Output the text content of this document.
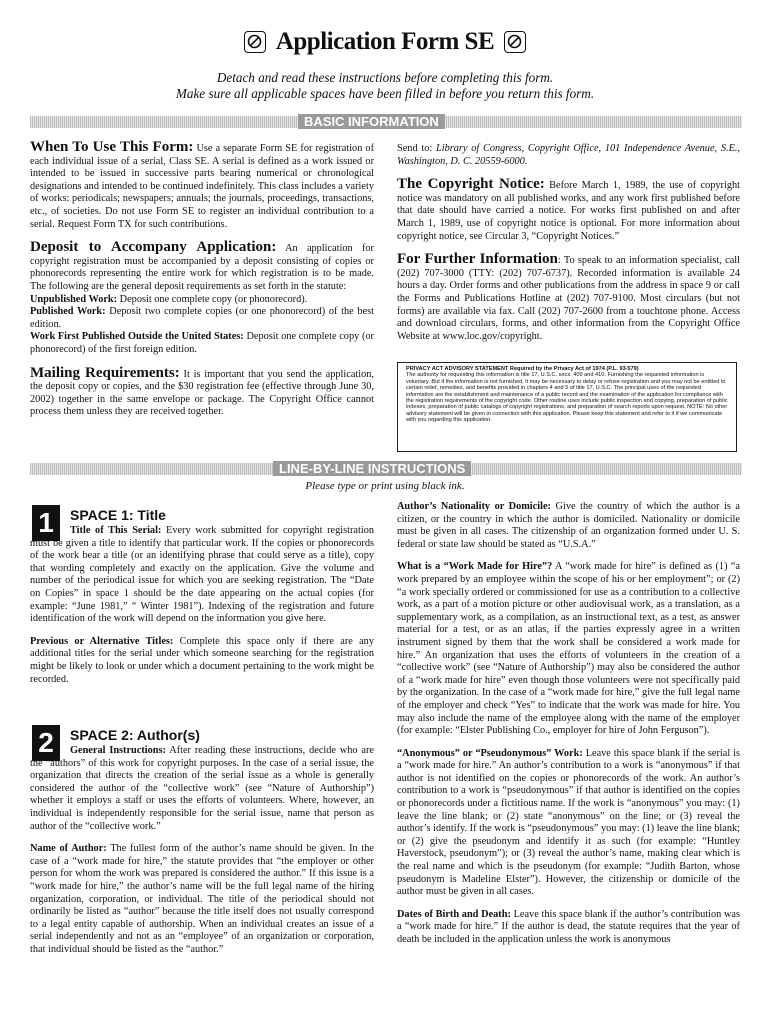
Application Form SE
Detach and read these instructions before completing this form.
Make sure all applicable spaces have been filled in before you return this form.
BASIC INFORMATION

When To Use This Form: Use a separate Form SE for registration of each individual issue of a serial, Class SE. A serial is defined as a work issued or intended to be issued in successive parts bearing numerical or chronological designations and intended to be continued indefinitely. This class includes a variety of works: periodicals; newspapers; annuals; the journals, proceedings, transactions, etc., of societies. Do not use Form SE to register an individual contribution to a serial. Request Form TX for such contributions.

Deposit to Accompany Application: An application for copyright registration must be accompanied by a deposit consisting of copies or phonorecords representing the entire work for which registration is to be made. The following are the general deposit requirements as set forth in the statute:
Unpublished Work: Deposit one complete copy (or phonorecord).
Published Work: Deposit two complete copies (or one phonorecord) of the best edition.
Work First Published Outside the United States: Deposit one complete copy (or phonorecord) of the first foreign edition.

Mailing Requirements: It is important that you send the application, the deposit copy or copies, and the $30 registration fee (effective through June 30, 2002) together in the same envelope or package. The Copyright Office cannot process them unless they are received together.

Send to: Library of Congress, Copyright Office, 101 Independence Avenue, S.E., Washington, D. C. 20559-6000.

The Copyright Notice: Before March 1, 1989, the use of copyright notice was mandatory on all published works, and any work first published before that date should have carried a notice. For works first published on and after March 1, 1989, use of copyright notice is optional. For more information about copyright notice, see Circular 3, “Copyright Notices.”

For Further Information: To speak to an information specialist, call (202) 707-3000 (TTY: (202) 707-6737). Recorded information is available 24 hours a day. Order forms and other publications from the address in space 9 or call the Forms and Publications Hotline at (202) 707-9100. Most circulars (but not forms) are available via fax. Call (202) 707-2600 from a touchtone phone. Access and download circulars, forms, and other information from the Copyright Office Website at www.loc.gov/copyright.

PRIVACY ACT ADVISORY STATEMENT Required by the Privacy Act of 1974 (P.L. 93-579)
The authority for requesting this information is title 17, U.S.C. secs. 409 and 410. Furnishing the requested information is voluntary. But if the information is not furnished, it may be necessary to delay or refuse registration and you may not be entitled to certain relief, remedies, and benefits provided in chapters 4 and 5 of title 17, U.S.C. The principal uses of the requested information are the establishment and maintenance of a public record and the examination of the application for compliance with the registration requirements of the copyright code. Other routine uses include public inspection and copying, preparation of public indexes, preparation of public catalogs of copyright registrations, and preparation of search reports upon request. NOTE: No other advisory statement will be given in connection with this application. Please keep this statement and refer to it if we communicate with you regarding this application.
LINE-BY-LINE INSTRUCTIONS
Please type or print using black ink.
1	SPACE 1: Title

Title of This Serial: Every work submitted for copyright registration must be given a title to identify that particular work. If the copies or phonorecords of the work bear a title (or an identifying phrase that could serve as a title), copy that wording completely and exactly on the application. Give the volume and number of the periodical issue for which you are seeking registration. The “Date on Copies” in space 1 should be the date appearing on the actual copies (for example: “June 1981,” “ Winter 1981”). Indexing of the registration and future identification of the work will depend on the information you give here.

Previous or Alternative Titles: Complete this space only if there are any additional titles for the serial under which someone searching for the registration might be likely to look or under which a document pertaining to the work might be recorded.

2	SPACE 2: Author(s)

General Instructions: After reading these instructions, decide who are the “authors” of this work for copyright purposes. In the case of a serial issue, the organization that directs the creation of the serial issue as a whole is generally considered the author of the “collective work” (see “Nature of Authorship”) whether it employs a staff or uses the efforts of volunteers. Where, however, an individual is independently responsible for the serial issue, name that person as author of the “collective work.”

Name of Author: The fullest form of the author’s name should be given. In the case of a “work made for hire,” the statute provides that “the employer or other person for whom the work was prepared is considered the author.” If this issue is a “work made for hire,” the author’s name will be the full legal name of the hiring organization, corporation, or individual. The title of the periodical should not ordinarily be listed as “author” because the title itself does not usually correspond to a legal entity capable of authorship. When an individual creates an issue of a serial independently and not as an “employee” of an organization or corporation, that individual should be listed as the “author.”

Author’s Nationality or Domicile: Give the country of which the author is a citizen, or the country in which the author is domiciled. Nationality or domicile must be given in all cases. The citizenship of an organization formed under U. S. federal or state law should be stated as “U.S.A.”

What is a “Work Made for Hire”? A “work made for hire” is defined as (1) “a work prepared by an employee within the scope of his or her employment”; or (2) “a work specially ordered or commissioned for use as a contribution to a collective work, as a part of a motion picture or other audiovisual work, as a translation, as a supplementary work, as a compilation, as an instructional text, as a test, as answer material for a test, or as an atlas, if the parties expressly agree in a written instrument signed by them that the work shall be considered a work made for hire.” An organization that uses the efforts of volunteers in the creation of a “collective work” (see “Nature of Authorship”) may also be considered the author of a “work made for hire” even though those volunteers were not specifically paid by the organization. In the case of a “work made for hire,” give the full legal name of the employer and check “Yes” to indicate that the work was made for hire. You may also include the name of the employee along with the name of the employer (for example: “Elster Publishing Co., employer for hire of John Ferguson”).

“Anonymous” or “Pseudonymous” Work: Leave this space blank if the serial is a “work made for hire.” An author’s contribution to a work is “anonymous” if that author is not identified on the copies or phonorecords of the work. An author’s contribution to a work is “pseudonymous” if that author is identified on the copies or phonorecords under a fictitious name. If the work is “anonymous” you may: (1) leave the line blank; or (2) state “anonymous” on the line; or (3) reveal the author’s identify. If the work is “pseudonymous” you may: (1) leave the line blank; or (2) give the pseudonym and identify it as such (for example: “Huntley Haverstock, pseudonym”); or (3) reveal the author’s name, making clear which is the real name and which is the pseudonym (for example: “Judith Barton, whose pseudonym is Madeline Elster”). However, the citizenship or domicile of the author must be given in all cases.

Dates of Birth and Death: Leave this space blank if the author’s contribution was a “work made for hire.” If the author is dead, the statute requires that the year of death be included in the application unless the work is anonymous
